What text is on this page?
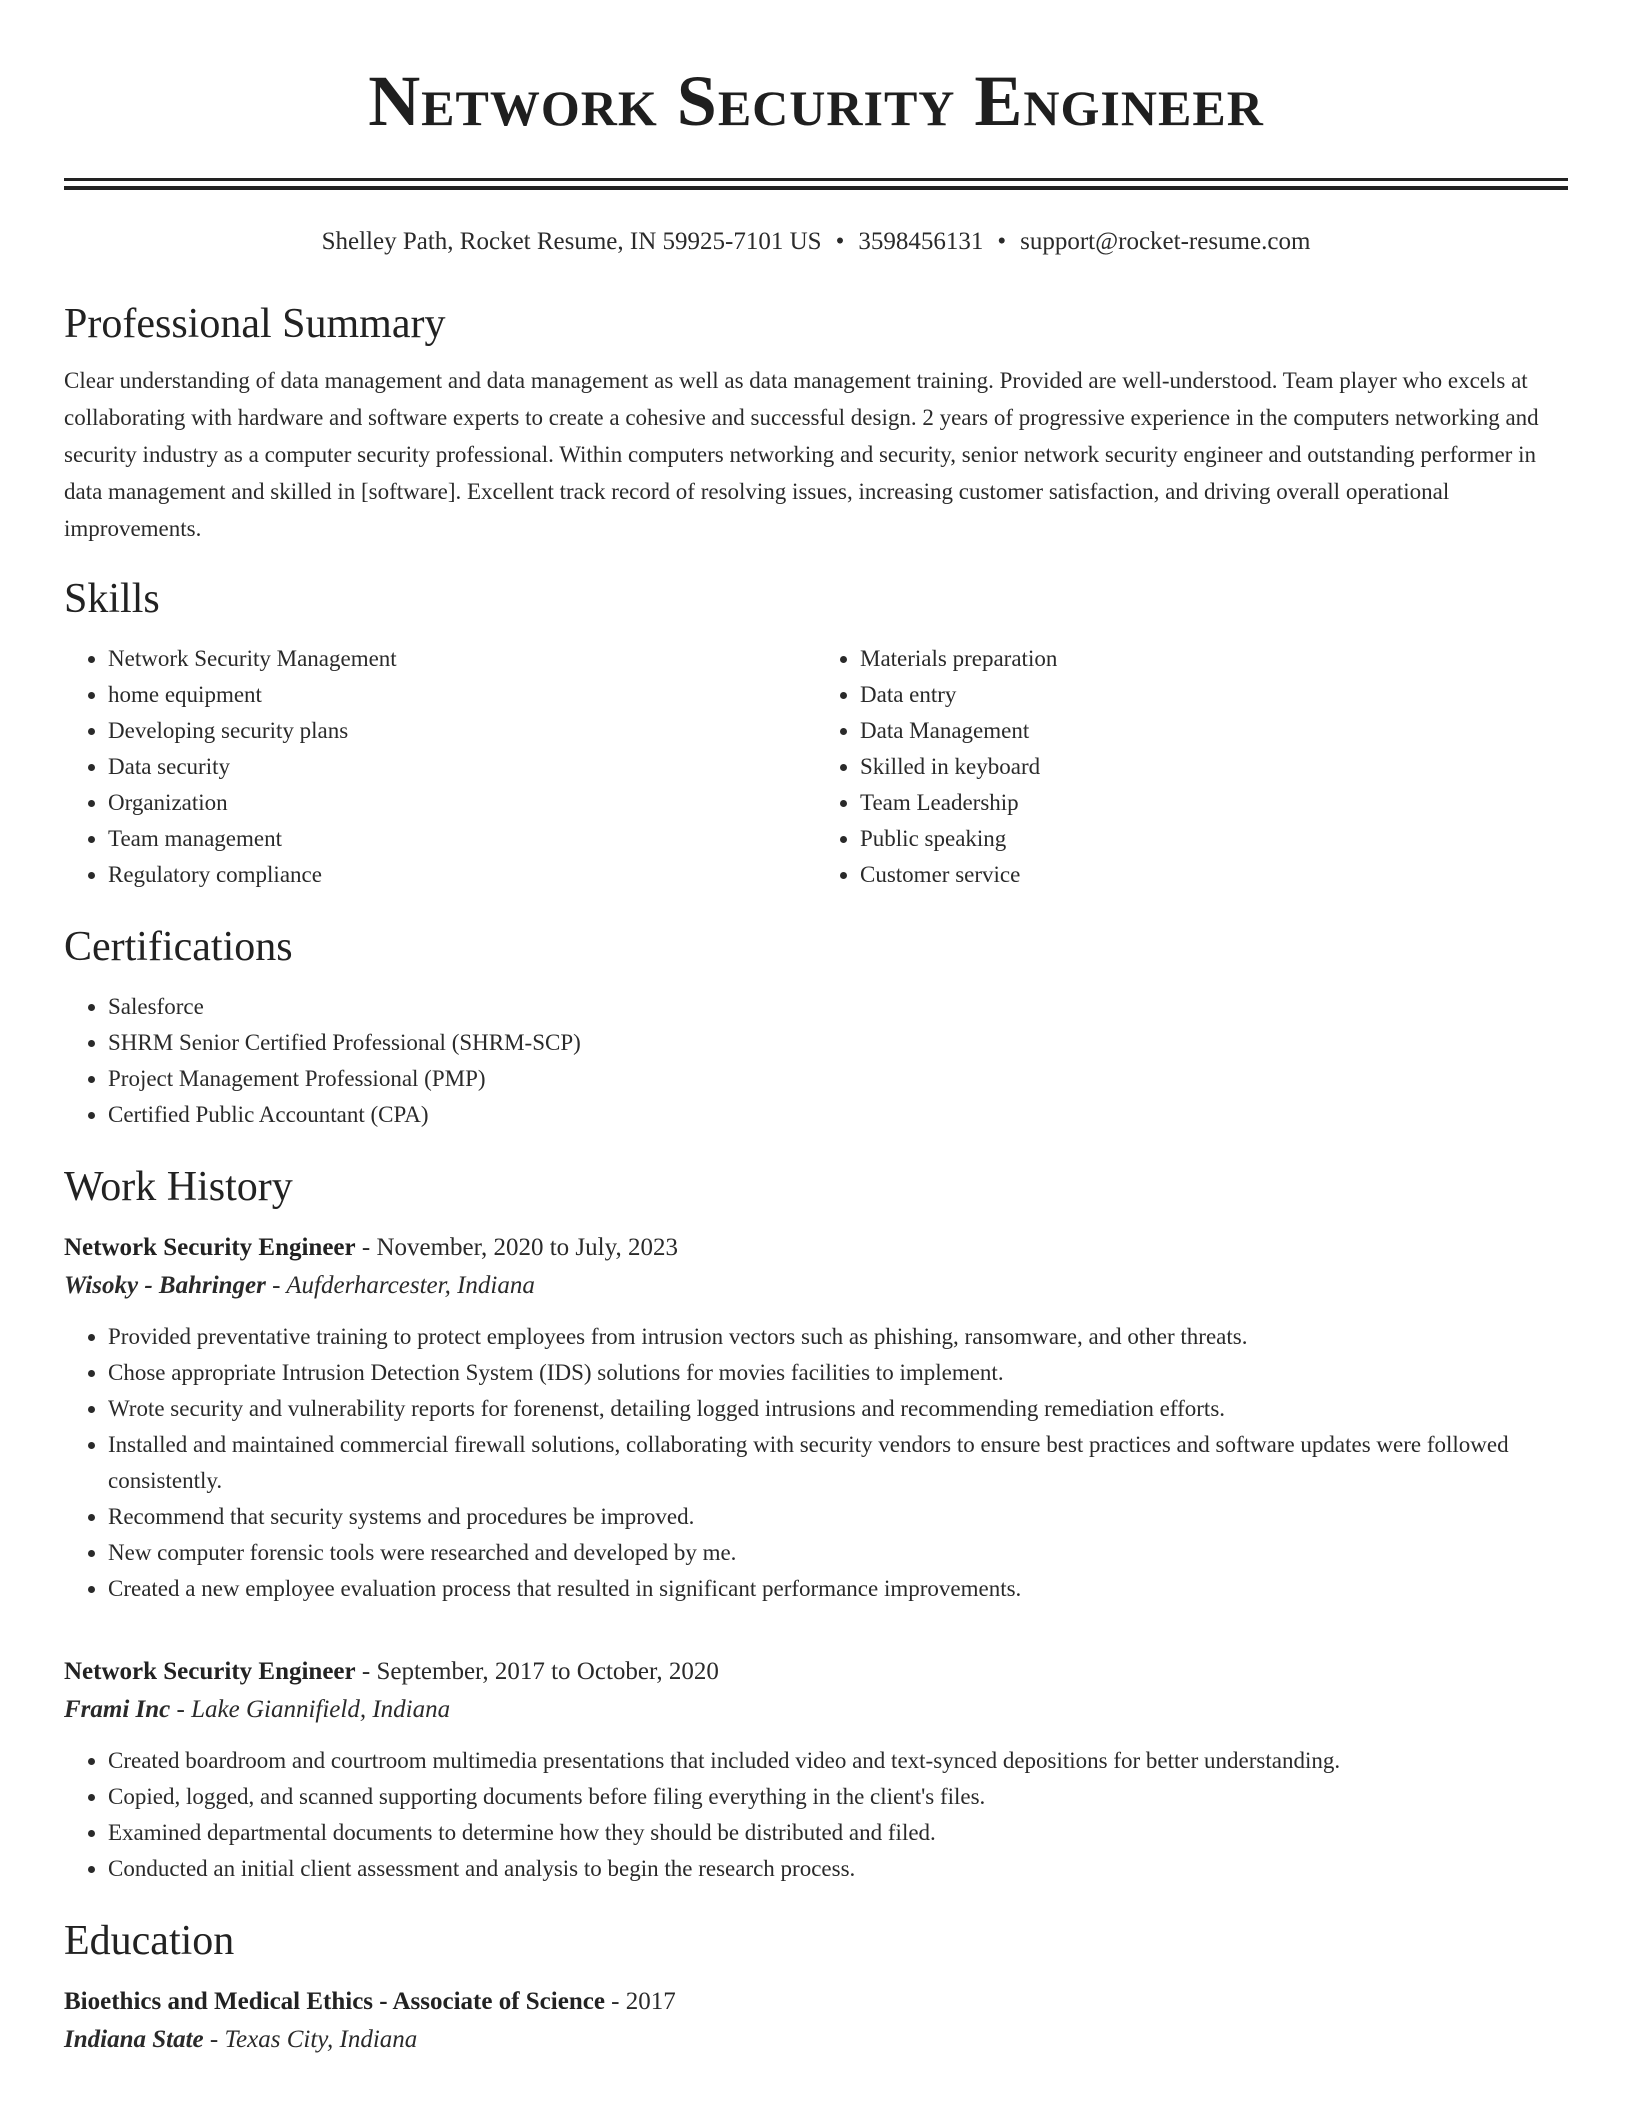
Network Security Engineer
Shelley Path, Rocket Resume, IN 59925-7101 US • 3598456131 • support@rocket-resume.com
Professional Summary

Clear understanding of data management and data management as well as data management training. Provided are well-understood. Team player who excels at collaborating with hardware and software experts to create a cohesive and successful design. 2 years of progressive experience in the computers networking and security industry as a computer security professional. Within computers networking and security, senior network security engineer and outstanding performer in data management and skilled in [software]. Excellent track record of resolving issues, increasing customer satisfaction, and driving overall operational improvements.

Skills
• Network Security Management
• home equipment
• Developing security plans
• Data security
• Organization
• Team management
• Regulatory compliance
• Materials preparation
• Data entry
• Data Management
• Skilled in keyboard
• Team Leadership
• Public speaking
• Customer service
Certifications
• Salesforce
• SHRM Senior Certified Professional (SHRM-SCP)
• Project Management Professional (PMP)
• Certified Public Accountant (CPA)
Work History
Network Security Engineer - November, 2020 to July, 2023
Wisoky - Bahringer - Aufderharcester, Indiana
• Provided preventative training to protect employees from intrusion vectors such as phishing, ransomware, and other threats.
• Chose appropriate Intrusion Detection System (IDS) solutions for movies facilities to implement.
• Wrote security and vulnerability reports for forenenst, detailing logged intrusions and recommending remediation efforts.
• Installed and maintained commercial firewall solutions, collaborating with security vendors to ensure best practices and software updates were followed consistently.
• Recommend that security systems and procedures be improved.
• New computer forensic tools were researched and developed by me.
• Created a new employee evaluation process that resulted in significant performance improvements.
Network Security Engineer - September, 2017 to October, 2020
Frami Inc - Lake Giannifield, Indiana
• Created boardroom and courtroom multimedia presentations that included video and text-synced depositions for better understanding.
• Copied, logged, and scanned supporting documents before filing everything in the client's files.
• Examined departmental documents to determine how they should be distributed and filed.
• Conducted an initial client assessment and analysis to begin the research process.
Education
Bioethics and Medical Ethics - Associate of Science - 2017
Indiana State - Texas City, Indiana
